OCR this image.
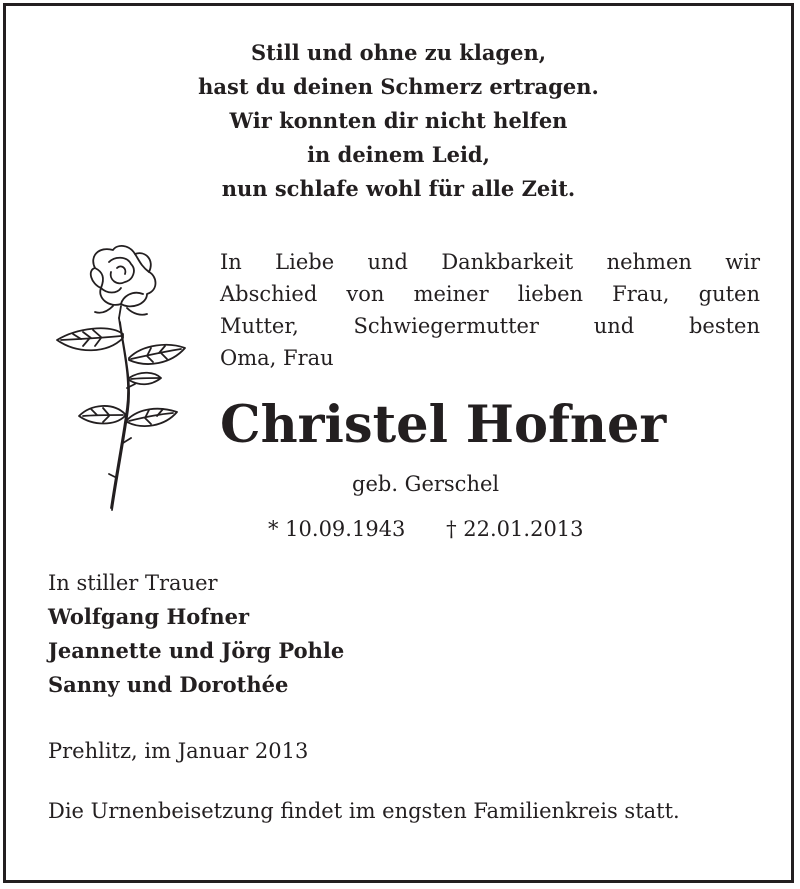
Still und ohne zu klagen,
hast du deinen Schmerz ertragen.
Wir konnten dir nicht helfen
in deinem Leid,
nun schlafe wohl für alle Zeit.
In Liebe und Dankbarkeit nehmen wir
Abschied von meiner lieben Frau, guten
Mutter, Schwiegermutter und besten
Oma, Frau
Christel Hofner
geb. Gerschel
* 10.09.1943 † 22.01.2013
In stiller Trauer
Wolfgang Hofner
Jeannette und Jörg Pohle
Sanny und Dorothée
Prehlitz, im Januar 2013
Die Urnenbeisetzung findet im engsten Familienkreis statt.
